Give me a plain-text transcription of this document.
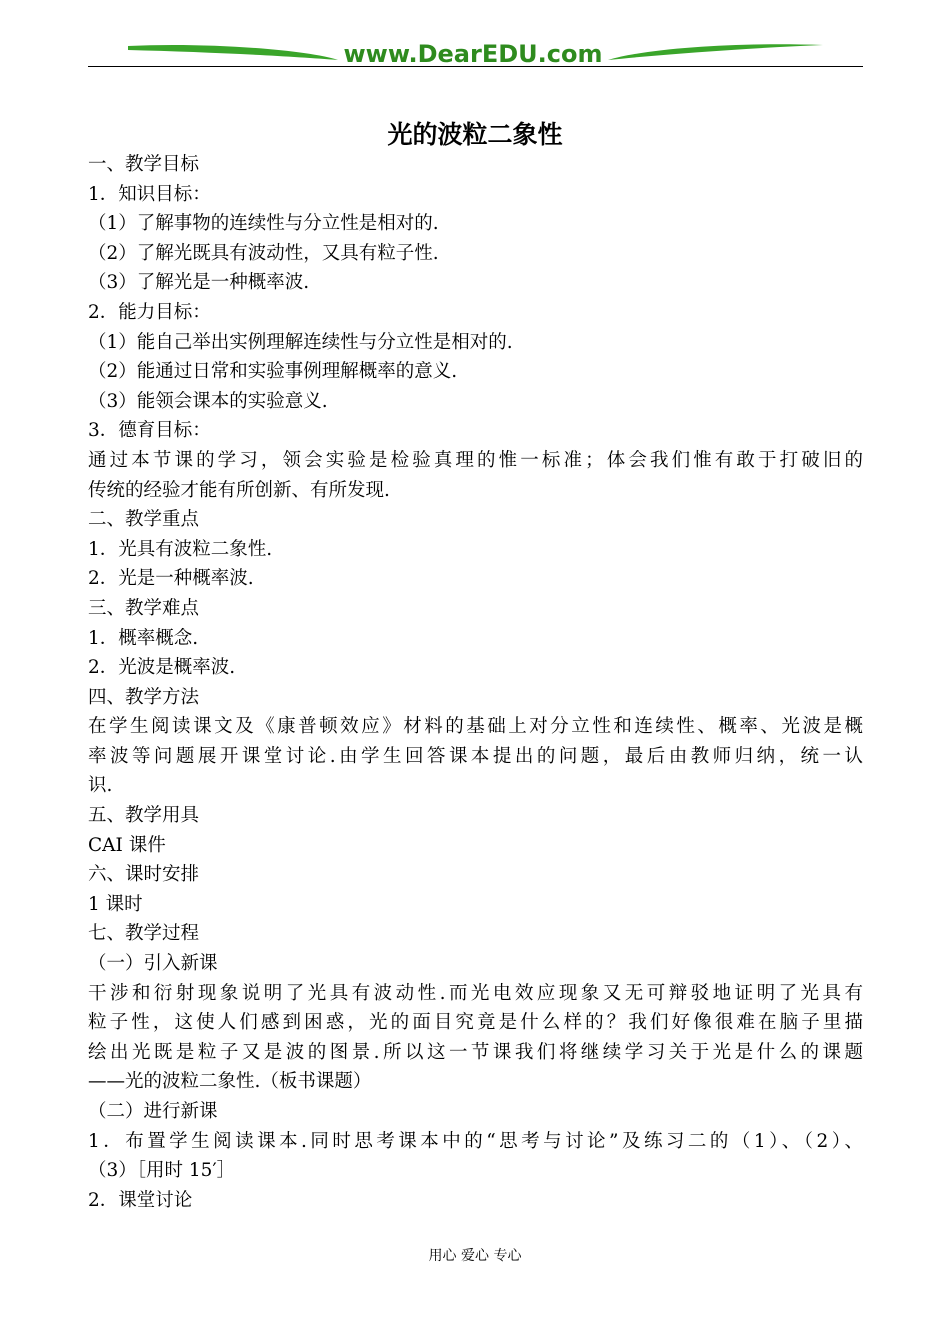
www.DearEDU.com
光的波粒二象性
一、教学目标
1．知识目标：
（1）了解事物的连续性与分立性是相对的.
（2）了解光既具有波动性，又具有粒子性.
（3）了解光是一种概率波.
2．能力目标：
（1）能自己举出实例理解连续性与分立性是相对的.
（2）能通过日常和实验事例理解概率的意义.
（3）能领会课本的实验意义.
3．德育目标：
通过本节课的学习，领会实验是检验真理的惟一标准；体会我们惟有敢于打破旧的
传统的经验才能有所创新、有所发现.
二、教学重点
1．光具有波粒二象性.
2．光是一种概率波.
三、教学难点
1．概率概念.
2．光波是概率波.
四、教学方法
在学生阅读课文及《康普顿效应》材料的基础上对分立性和连续性、概率、光波是概
率波等问题展开课堂讨论.由学生回答课本提出的问题，最后由教师归纳，统一认
识.
五、教学用具
CAI 课件
六、课时安排
1 课时
七、教学过程
（一）引入新课
干涉和衍射现象说明了光具有波动性.而光电效应现象又无可辩驳地证明了光具有
粒子性，这使人们感到困惑，光的面目究竟是什么样的？我们好像很难在脑子里描
绘出光既是粒子又是波的图景.所以这一节课我们将继续学习关于光是什么的课题
——光的波粒二象性.（板书课题）
（二）进行新课
1．布置学生阅读课本.同时思考课本中的“思考与讨论”及练习二的（1）、（2）、
（3）［用时 15′］
2．课堂讨论
用心 爱心 专心
